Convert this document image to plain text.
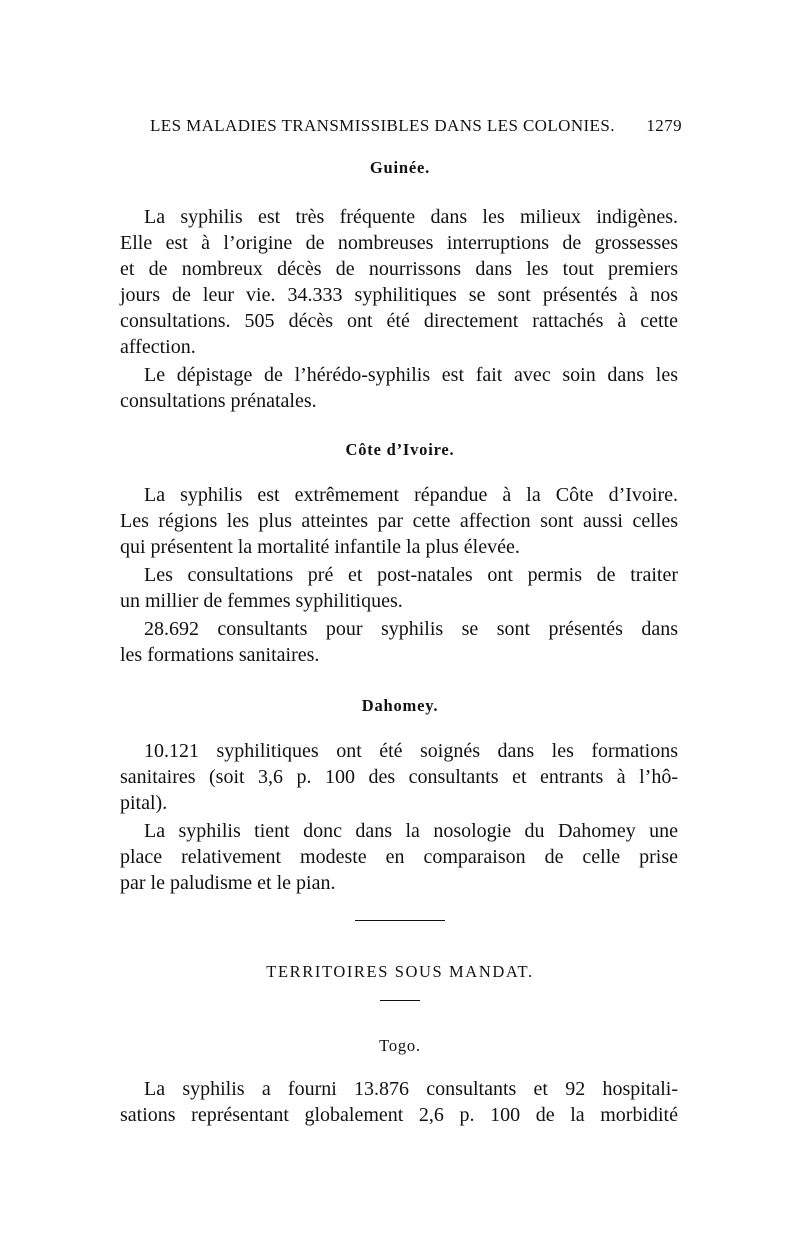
LES MALADIES TRANSMISSIBLES DANS LES COLONIES. 1279
Guinée.
La syphilis est très fréquente dans les milieux indigènes.
Elle est à l’origine de nombreuses interruptions de grossesses
et de nombreux décès de nourrissons dans les tout premiers
jours de leur vie. 34.333 syphilitiques se sont présentés à nos
consultations. 505 décès ont été directement rattachés à cette
affection.
Le dépistage de l’hérédo-syphilis est fait avec soin dans les
consultations prénatales.
Côte d’Ivoire.
La syphilis est extrêmement répandue à la Côte d’Ivoire.
Les régions les plus atteintes par cette affection sont aussi celles
qui présentent la mortalité infantile la plus élevée.
Les consultations pré et post-natales ont permis de traiter
un millier de femmes syphilitiques.
28.692 consultants pour syphilis se sont présentés dans
les formations sanitaires.
Dahomey.
10.121 syphilitiques ont été soignés dans les formations
sanitaires (soit 3,6 p. 100 des consultants et entrants à l’hô-
pital).
La syphilis tient donc dans la nosologie du Dahomey une
place relativement modeste en comparaison de celle prise
par le paludisme et le pian.
TERRITOIRES SOUS MANDAT.
Togo.
La syphilis a fourni 13.876 consultants et 92 hospitali-
sations représentant globalement 2,6 p. 100 de la morbidité
